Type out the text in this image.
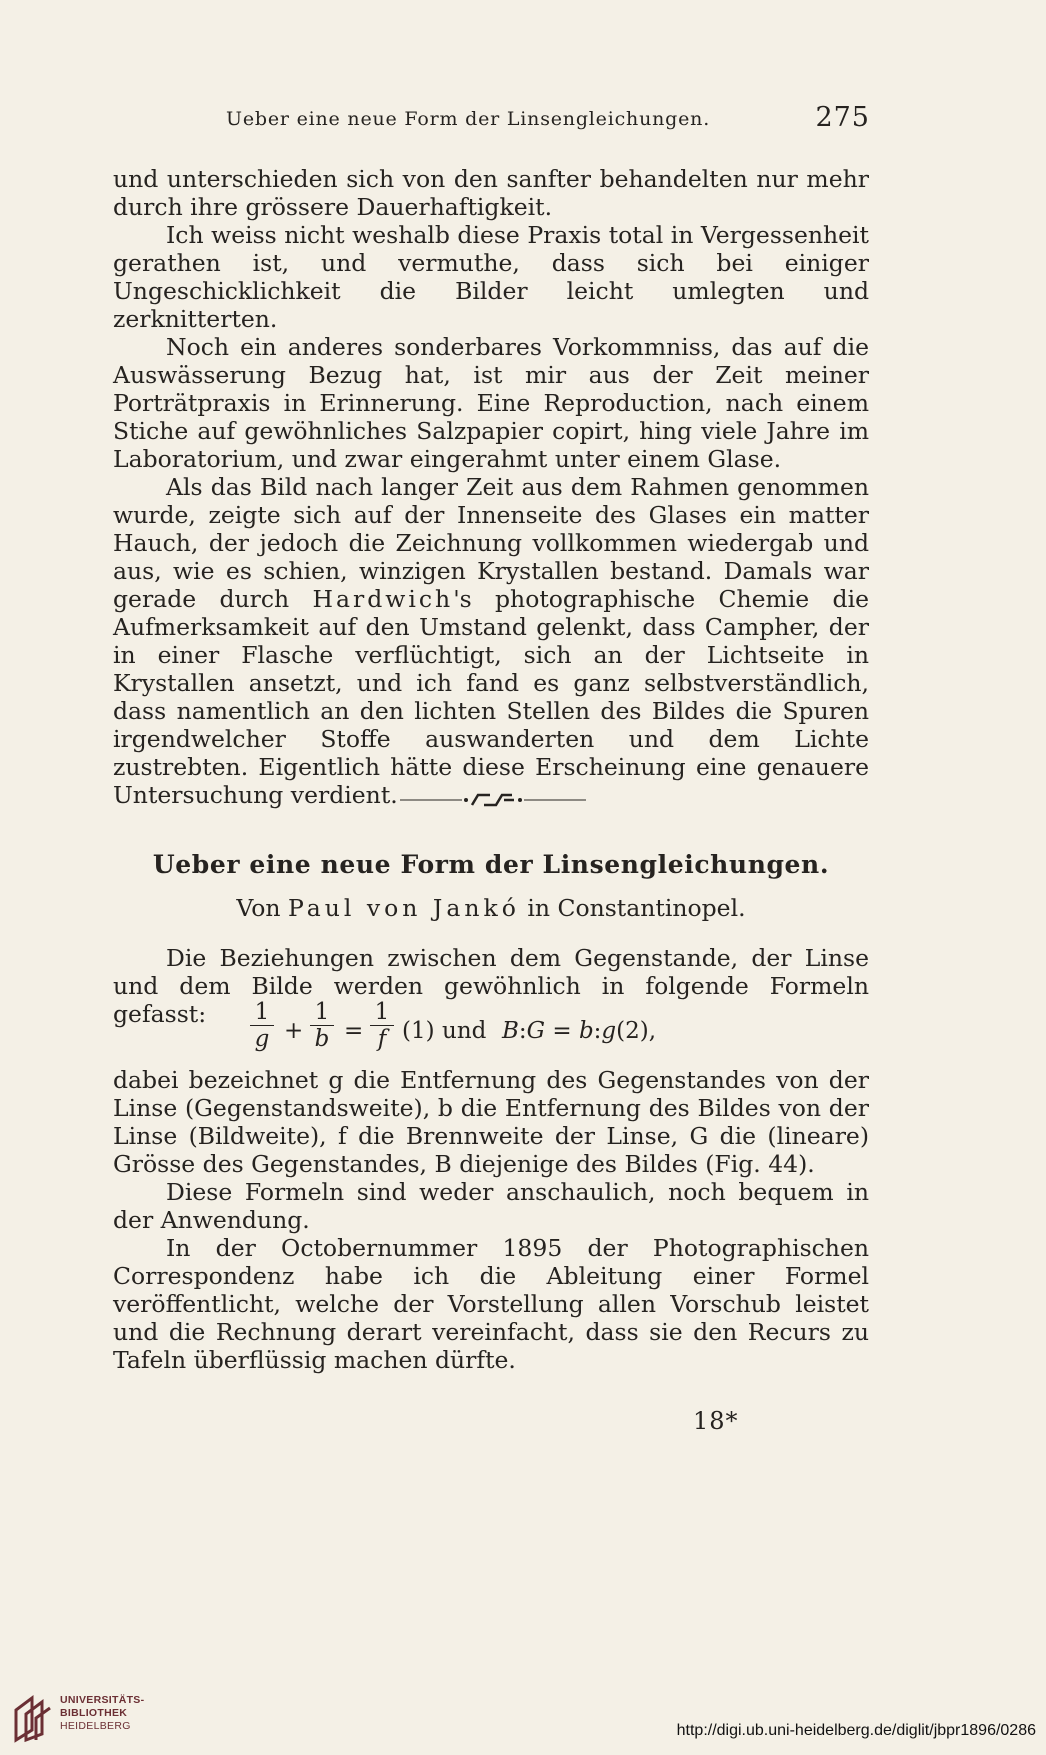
Ueber eine neue Form der Linsengleichungen.	275

und unterschieden sich von den sanfter behandelten nur mehr durch ihre grössere Dauerhaftigkeit.

Ich weiss nicht weshalb diese Praxis total in Vergessenheit gerathen ist, und vermuthe, dass sich bei einiger Ungeschicklichkeit die Bilder leicht umlegten und zerknitterten.

Noch ein anderes sonderbares Vorkommniss, das auf die Auswässerung Bezug hat, ist mir aus der Zeit meiner Porträtpraxis in Erinnerung. Eine Reproduction, nach einem Stiche auf gewöhnliches Salzpapier copirt, hing viele Jahre im Laboratorium, und zwar eingerahmt unter einem Glase.

Als das Bild nach langer Zeit aus dem Rahmen genommen wurde, zeigte sich auf der Innenseite des Glases ein matter Hauch, der jedoch die Zeichnung vollkommen wiedergab und aus, wie es schien, winzigen Krystallen bestand. Damals war gerade durch Hardwich's photographische Chemie die Aufmerksamkeit auf den Umstand gelenkt, dass Campher, der in einer Flasche verflüchtigt, sich an der Lichtseite in Krystallen ansetzt, und ich fand es ganz selbstverständlich, dass namentlich an den lichten Stellen des Bildes die Spuren irgendwelcher Stoffe auswanderten und dem Lichte zustrebten. Eigentlich hätte diese Erscheinung eine genauere Untersuchung verdient.

Ueber eine neue Form der Linsengleichungen.
Von Paul von Jankó in Constantinopel.

Die Beziehungen zwischen dem Gegenstande, der Linse und dem Bilde werden gewöhnlich in folgende Formeln gefasst:	1
g +
1
b =
1
f (1) und B:G = b:g(2),

dabei bezeichnet g die Entfernung des Gegenstandes von der Linse (Gegenstandsweite), b die Entfernung des Bildes von der Linse (Bildweite), f die Brennweite der Linse, G die (lineare) Grösse des Gegenstandes, B diejenige des Bildes (Fig. 44).

Diese Formeln sind weder anschaulich, noch bequem in der Anwendung.

In der Octobernummer 1895 der Photographischen Correspondenz habe ich die Ableitung einer Formel veröffentlicht, welche der Vorstellung allen Vorschub leistet und die Rechnung derart vereinfacht, dass sie den Recurs zu Tafeln überflüssig machen dürfte.

18*
UNIVERSITÄTS-
BIBLIOTHEK
HEIDELBERG	http://digi.ub.uni-heidelberg.de/diglit/jbpr1896/0286
